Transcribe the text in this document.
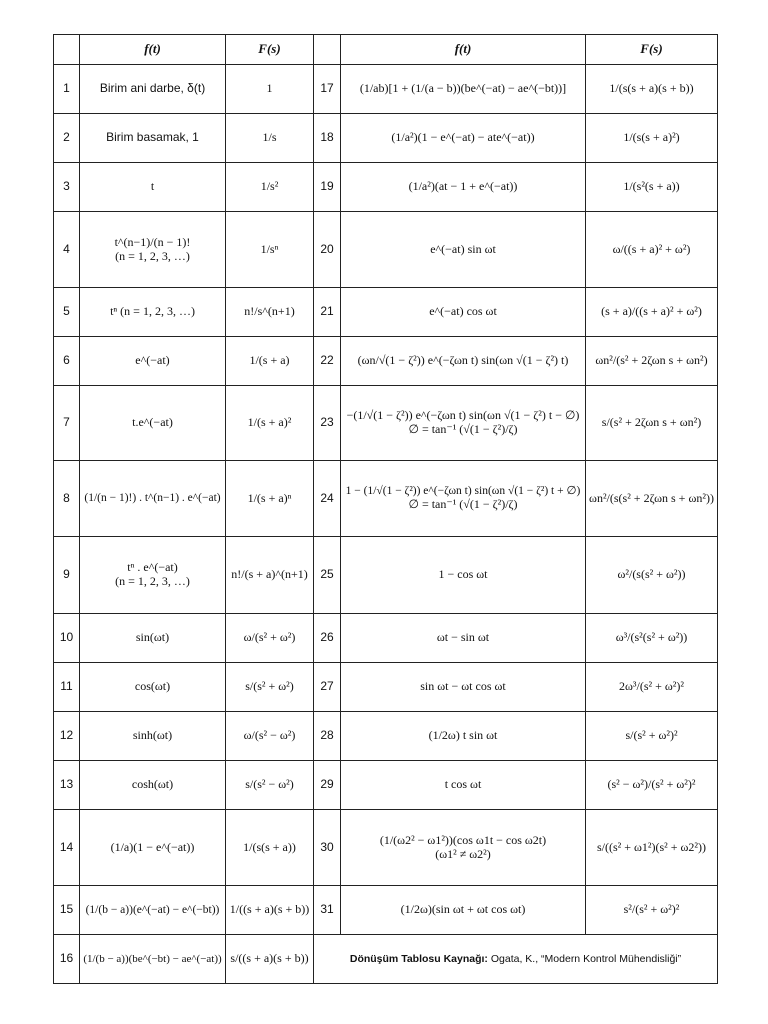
	f(t)	F(s)		f(t)	F(s)
1	Birim ani darbe, δ(t)	1	17	(1/ab)[1 + (1/(a − b))(be^(−at) − ae^(−bt))]	1/(s(s + a)(s + b))
2	Birim basamak, 1	1/s	18	(1/a²)(1 − e^(−at) − ate^(−at))	1/(s(s + a)²)
3	t	1/s²	19	(1/a²)(at − 1 + e^(−at))	1/(s²(s + a))
4	t^(n−1)/(n − 1)!
(n = 1, 2, 3, …)	1/sⁿ	20	e^(−at) sin ωt	ω/((s + a)² + ω²)
5	tⁿ (n = 1, 2, 3, …)	n!/s^(n+1)	21	e^(−at) cos ωt	(s + a)/((s + a)² + ω²)
6	e^(−at)	1/(s + a)	22	(ωn/√(1 − ζ²)) e^(−ζωn t) sin(ωn √(1 − ζ²) t)	ωn²/(s² + 2ζωn s + ωn²)
7	t.e^(−at)	1/(s + a)²	23	−(1/√(1 − ζ²)) e^(−ζωn t) sin(ωn √(1 − ζ²) t − ∅)
∅ = tan⁻¹ (√(1 − ζ²)/ζ)	s/(s² + 2ζωn s + ωn²)
8	(1/(n − 1)!) . t^(n−1) . e^(−at)	1/(s + a)ⁿ	24	1 − (1/√(1 − ζ²)) e^(−ζωn t) sin(ωn √(1 − ζ²) t + ∅)
∅ = tan⁻¹ (√(1 − ζ²)/ζ)	ωn²/(s(s² + 2ζωn s + ωn²))
9	tⁿ . e^(−at)
(n = 1, 2, 3, …)	n!/(s + a)^(n+1)	25	1 − cos ωt	ω²/(s(s² + ω²))
10	sin(ωt)	ω/(s² + ω²)	26	ωt − sin ωt	ω³/(s²(s² + ω²))
11	cos(ωt)	s/(s² + ω²)	27	sin ωt − ωt cos ωt	2ω³/(s² + ω²)²
12	sinh(ωt)	ω/(s² − ω²)	28	(1/2ω) t sin ωt	s/(s² + ω²)²
13	cosh(ωt)	s/(s² − ω²)	29	t cos ωt	(s² − ω²)/(s² + ω²)²
14	(1/a)(1 − e^(−at))	1/(s(s + a))	30	(1/(ω2² − ω1²))(cos ω1t − cos ω2t)
(ω1² ≠ ω2²)	s/((s² + ω1²)(s² + ω2²))
15	(1/(b − a))(e^(−at) − e^(−bt))	1/((s + a)(s + b))	31	(1/2ω)(sin ωt + ωt cos ωt)	s²/(s² + ω²)²
16	(1/(b − a))(be^(−bt) − ae^(−at))	s/((s + a)(s + b))	Dönüşüm Tablosu Kaynağı: Ogata, K., “Modern Kontrol Mühendisliği”		
